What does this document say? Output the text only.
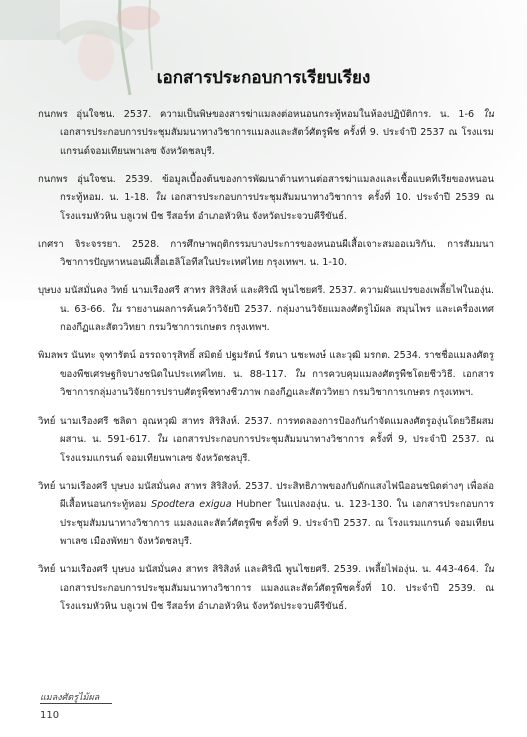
เอกสารประกอบการเรียบเรียง

กนกพร อุ่นใจชน. 2537. ความเป็นพิษของสารฆ่าแมลงต่อหนอนกระทู้หอมในห้องปฏิบัติการ. น. 1-6 ใน เอกสารประกอบการประชุมสัมมนาทางวิชาการแมลงและสัตว์ศัตรูพืช ครั้งที่ 9. ประจำปี 2537 ณ โรงแรมแกรนด์จอมเทียนพาเลซ จังหวัดชลบุรี.

กนกพร อุ่นใจชน. 2539. ข้อมูลเบื้องต้นของการพัฒนาต้านทานต่อสารฆ่าแมลงและเชื้อแบคทีเรียของหนอนกระทู้หอม. น. 1-18. ใน เอกสารประกอบการประชุมสัมมนาทางวิชาการ ครั้งที่ 10. ประจำปี 2539 ณ โรงแรมหัวหิน บลูเวฟ บีช รีสอร์ท อำเภอหัวหิน จังหวัดประจวบคีรีขันธ์.

เกศรา จิระจรรยา. 2528. การศึกษาพฤติกรรมบางประการของหนอนผีเสื้อเจาะสมออเมริกัน. การสัมมนาวิชาการปัญหาหนอนผีเสื้อเฮลิโอทีสในประเทศไทย กรุงเทพฯ. น. 1-10.

บุษบง มนัสมั่นคง วิทย์ นามเรืองศรี สาทร สิริสิงห์ และศิริณี พูนไชยศรี. 2537. ความผันแปรของเพลี้ยไฟในองุ่น. น. 63-66. ใน รายงานผลการค้นคว้าวิจัยปี 2537. กลุ่มงานวิจัยแมลงศัตรูไม้ผล สมุนไพร และเครื่องเทศ กองกีฏและสัตววิทยา กรมวิชาการเกษตร กรุงเทพฯ.

พิมลพร นันทะ จุฑารัตน์ อรรถจารุสิทธิ์ สมิตย์ ปฐมรัตน์ รัตนา นชะพงษ์ และวุฒิ มรกต. 2534. ราชชื่อแมลงศัตรูของพืชเศรษฐกิจบางชนิดในประเทศไทย. น. 88-117. ใน การควบคุมแมลงศัตรูพืชโดยชีววิธี. เอกสารวิชาการกลุ่มงานวิจัยการปราบศัตรูพืชทางชีวภาพ กองกีฏและสัตววิทยา กรมวิชาการเกษตร กรุงเทพฯ.

วิทย์ นามเรืองศรี ชลิดา อุณหวุฒิ สาทร สิริสิงห์. 2537. การทดลองการป้องกันกำจัดแมลงศัตรูองุ่นโดยวิธีผสมผสาน. น. 591-617. ใน เอกสารประกอบการประชุมสัมมนาทางวิชาการ ครั้งที่ 9, ประจำปี 2537. ณ โรงแรมแกรนด์ จอมเทียนพาเลซ จังหวัดชลบุรี.

วิทย์ นามเรืองศรี บุษบง มนัสมั่นคง สาทร สิริสิงห์. 2537. ประสิทธิภาพของกับดักแสงไฟนีออนชนิดต่างๆ เพื่อล่อผีเสื้อหนอนกระทู้หอม Spodtera exigua Hubner ในแปลงองุ่น. น. 123-130. ใน เอกสารประกอบการประชุมสัมมนาทางวิชาการ แมลงและสัตว์ศัตรูพืช ครั้งที่ 9. ประจำปี 2537. ณ โรงแรมแกรนด์ จอมเทียนพาเลซ เมืองพัทยา จังหวัดชลบุรี.

วิทย์ นามเรืองศรี บุษบง มนัสมั่นคง สาทร สิริสิงห์ และศิริณี พูนไชยศรี. 2539. เพลี้ยไฟองุ่น. น. 443-464. ใน เอกสารประกอบการประชุมสัมมนาทางวิชาการ แมลงและสัตว์ศัตรูพืชครั้งที่ 10. ประจำปี 2539. ณ โรงแรมหัวหิน บลูเวฟ บีช รีสอร์ท อำเภอหัวหิน จังหวัดประจวบคีรีขันธ์.

แมลงศัตรูไม้ผล
110
